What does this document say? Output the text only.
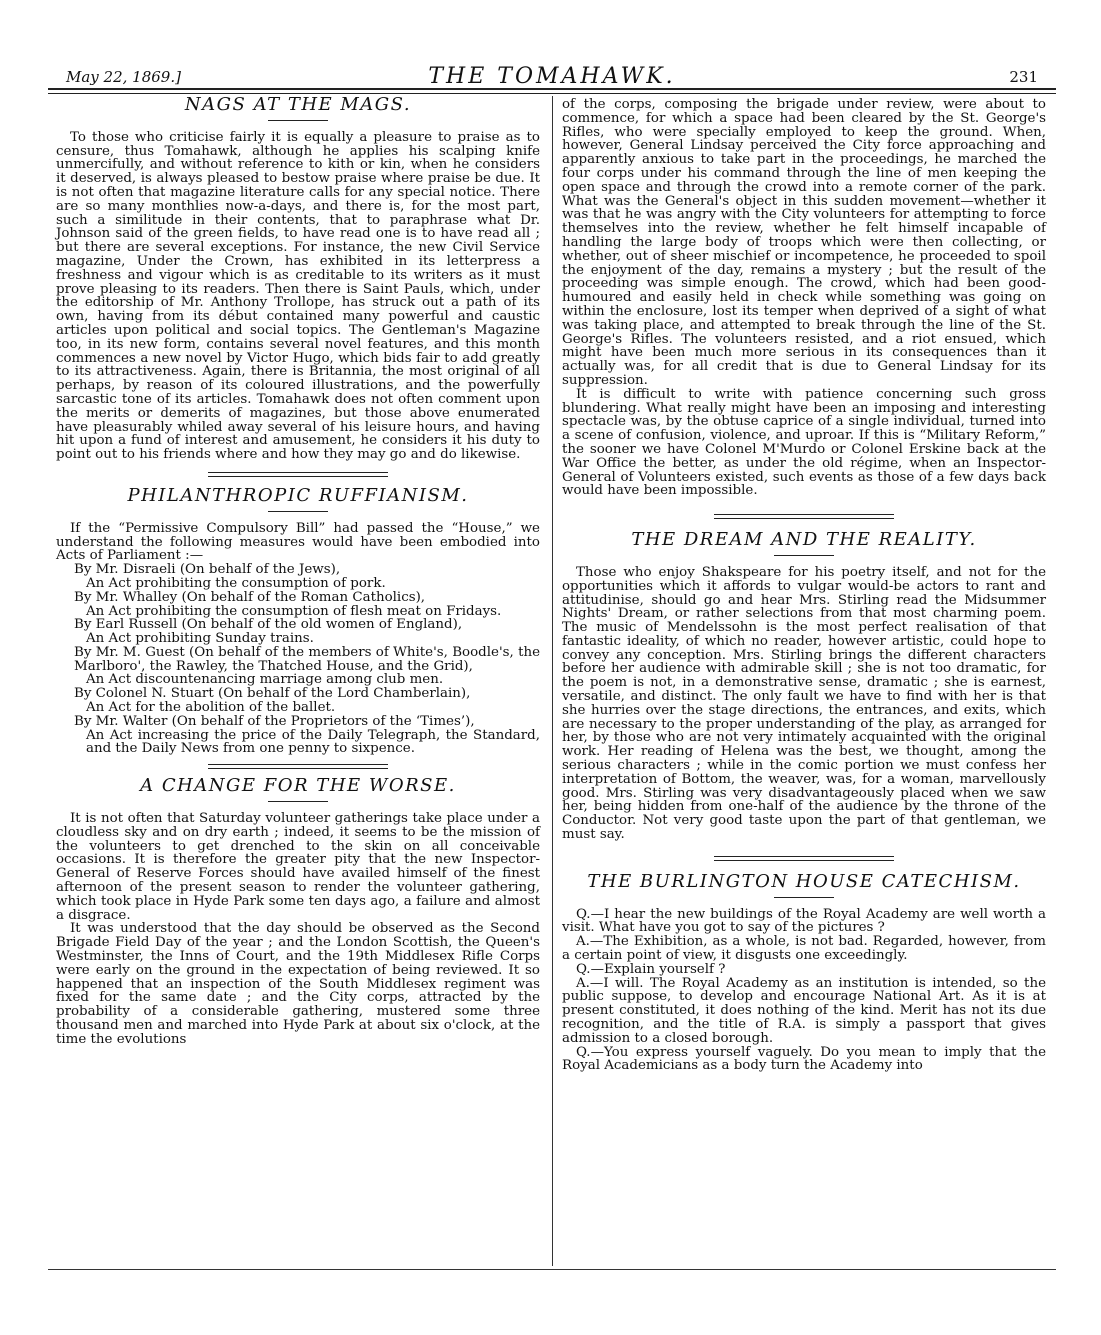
May 22, 1869.]	THE TOMAHAWK.	231
NAGS AT THE MAGS.

To those who criticise fairly it is equally a pleasure to praise as to censure, thus Tomahawk, although he applies his scalping knife unmercifully, and without reference to kith or kin, when he considers it deserved, is always pleased to bestow praise where praise be due. It is not often that magazine literature calls for any special notice. There are so many monthlies now-a-days, and there is, for the most part, such a similitude in their contents, that to paraphrase what Dr. Johnson said of the green fields, to have read one is to have read all ; but there are several exceptions. For instance, the new Civil Service magazine, Under the Crown, has exhibited in its letterpress a freshness and vigour which is as creditable to its writers as it must prove pleasing to its readers. Then there is Saint Pauls, which, under the editorship of Mr. Anthony Trollope, has struck out a path of its own, having from its début contained many powerful and caustic articles upon political and social topics. The Gentleman's Magazine too, in its new form, contains several novel features, and this month commences a new novel by Victor Hugo, which bids fair to add greatly to its attractiveness. Again, there is Britannia, the most original of all perhaps, by reason of its coloured illustrations, and the powerfully sarcastic tone of its articles. Tomahawk does not often comment upon the merits or demerits of magazines, but those above enumerated have pleasurably whiled away several of his leisure hours, and having hit upon a fund of interest and amusement, he considers it his duty to point out to his friends where and how they may go and do likewise.

PHILANTHROPIC RUFFIANISM.

If the “Permissive Compulsory Bill” had passed the “House,” we understand the following measures would have been embodied into Acts of Parliament :—

By Mr. Disraeli (On behalf of the Jews),

An Act prohibiting the consumption of pork.

By Mr. Whalley (On behalf of the Roman Catholics),

An Act prohibiting the consumption of flesh meat on Fridays.

By Earl Russell (On behalf of the old women of England),

An Act prohibiting Sunday trains.

By Mr. M. Guest (On behalf of the members of White's, Boodle's, the Marlboro', the Rawley, the Thatched House, and the Grid),

An Act discountenancing marriage among club men.

By Colonel N. Stuart (On behalf of the Lord Chamberlain),

An Act for the abolition of the ballet.

By Mr. Walter (On behalf of the Proprietors of the ‘Times’),

An Act increasing the price of the Daily Telegraph, the Standard, and the Daily News from one penny to sixpence.

A CHANGE FOR THE WORSE.

It is not often that Saturday volunteer gatherings take place under a cloudless sky and on dry earth ; indeed, it seems to be the mission of the volunteers to get drenched to the skin on all conceivable occasions. It is therefore the greater pity that the new Inspector-General of Reserve Forces should have availed himself of the finest afternoon of the present season to render the volunteer gathering, which took place in Hyde Park some ten days ago, a failure and almost a disgrace.

It was understood that the day should be observed as the Second Brigade Field Day of the year ; and the London Scottish, the Queen's Westminster, the Inns of Court, and the 19th Middlesex Rifle Corps were early on the ground in the expectation of being reviewed. It so happened that an inspection of the South Middlesex regiment was fixed for the same date ; and the City corps, attracted by the probability of a considerable gathering, mustered some three thousand men and marched into Hyde Park at about six o'clock, at the time the evolutions

of the corps, composing the brigade under review, were about to commence, for which a space had been cleared by the St. George's Rifles, who were specially employed to keep the ground. When, however, General Lindsay perceived the City force approaching and apparently anxious to take part in the proceedings, he marched the four corps under his command through the line of men keeping the open space and through the crowd into a remote corner of the park. What was the General's object in this sudden movement—whether it was that he was angry with the City volunteers for attempting to force themselves into the review, whether he felt himself incapable of handling the large body of troops which were then collecting, or whether, out of sheer mischief or incompetence, he proceeded to spoil the enjoyment of the day, remains a mystery ; but the result of the proceeding was simple enough. The crowd, which had been good-humoured and easily held in check while something was going on within the enclosure, lost its temper when deprived of a sight of what was taking place, and attempted to break through the line of the St. George's Rifles. The volunteers resisted, and a riot ensued, which might have been much more serious in its consequences than it actually was, for all credit that is due to General Lindsay for its suppression.

It is difficult to write with patience concerning such gross blundering. What really might have been an imposing and interesting spectacle was, by the obtuse caprice of a single individual, turned into a scene of confusion, violence, and uproar. If this is “Military Reform,” the sooner we have Colonel M'Murdo or Colonel Erskine back at the War Office the better, as under the old régime, when an Inspector-General of Volunteers existed, such events as those of a few days back would have been impossible.

THE DREAM AND THE REALITY.

Those who enjoy Shakspeare for his poetry itself, and not for the opportunities which it affords to vulgar would-be actors to rant and attitudinise, should go and hear Mrs. Stirling read the Midsummer Nights' Dream, or rather selections from that most charming poem. The music of Mendelssohn is the most perfect realisation of that fantastic ideality, of which no reader, however artistic, could hope to convey any conception. Mrs. Stirling brings the different characters before her audience with admirable skill ; she is not too dramatic, for the poem is not, in a demonstrative sense, dramatic ; she is earnest, versatile, and distinct. The only fault we have to find with her is that she hurries over the stage directions, the entrances, and exits, which are necessary to the proper understanding of the play, as arranged for her, by those who are not very intimately acquainted with the original work. Her reading of Helena was the best, we thought, among the serious characters ; while in the comic portion we must confess her interpretation of Bottom, the weaver, was, for a woman, marvellously good. Mrs. Stirling was very disadvantageously placed when we saw her, being hidden from one-half of the audience by the throne of the Conductor. Not very good taste upon the part of that gentleman, we must say.

THE BURLINGTON HOUSE CATECHISM.

Q.—I hear the new buildings of the Royal Academy are well worth a visit. What have you got to say of the pictures ?

A.—The Exhibition, as a whole, is not bad. Regarded, however, from a certain point of view, it disgusts one exceedingly.

Q.—Explain yourself ?

A.—I will. The Royal Academy as an institution is intended, so the public suppose, to develop and encourage National Art. As it is at present constituted, it does nothing of the kind. Merit has not its due recognition, and the title of R.A. is simply a passport that gives admission to a closed borough.

Q.—You express yourself vaguely. Do you mean to imply that the Royal Academicians as a body turn the Academy into
